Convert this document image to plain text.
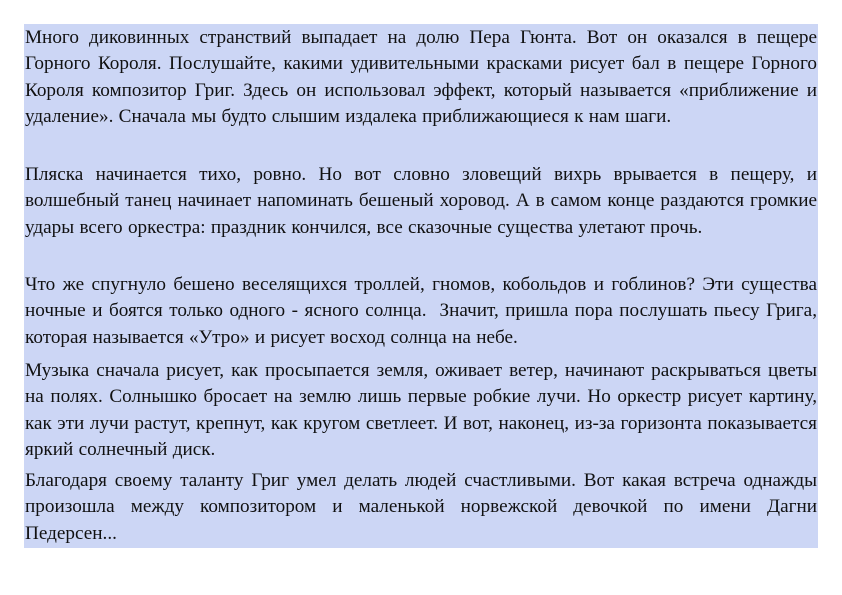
Много диковинных странствий выпадает на долю Пера Гюнта. Вот он оказался в пещере Горного Короля. Послушайте, какими удивительными красками рисует бал в пещере Горного Короля композитор Григ. Здесь он использовал эффект, который называется «приближение и удаление». Сначала мы будто слышим издалека приближающиеся к нам шаги.

Пляска начинается тихо, ровно. Но вот словно зловещий вихрь врывается в пещеру, и волшебный танец начинает напоминать бешеный хоровод. А в самом конце раздаются громкие удары всего оркестра: праздник кончился, все сказочные существа улетают прочь.

Что же спугнуло бешено веселящихся троллей, гномов, кобольдов и гоблинов? Эти существа ночные и боятся только одного - ясного солнца.  Значит, пришла пора послушать пьесу Грига, которая называется «Утро» и рисует восход солнца на небе.

Музыка сначала рисует, как просыпается земля, оживает ветер, начинают раскрываться цветы на полях. Солнышко бросает на землю лишь первые робкие лучи. Но оркестр рисует картину, как эти лучи растут, крепнут, как кругом светлеет. И вот, наконец, из-за горизонта показывается яркий солнечный диск.

Благодаря своему таланту Григ умел делать людей счастливыми. Вот какая встреча однажды произошла между композитором и маленькой норвежской девочкой по имени Дагни Педерсен...
